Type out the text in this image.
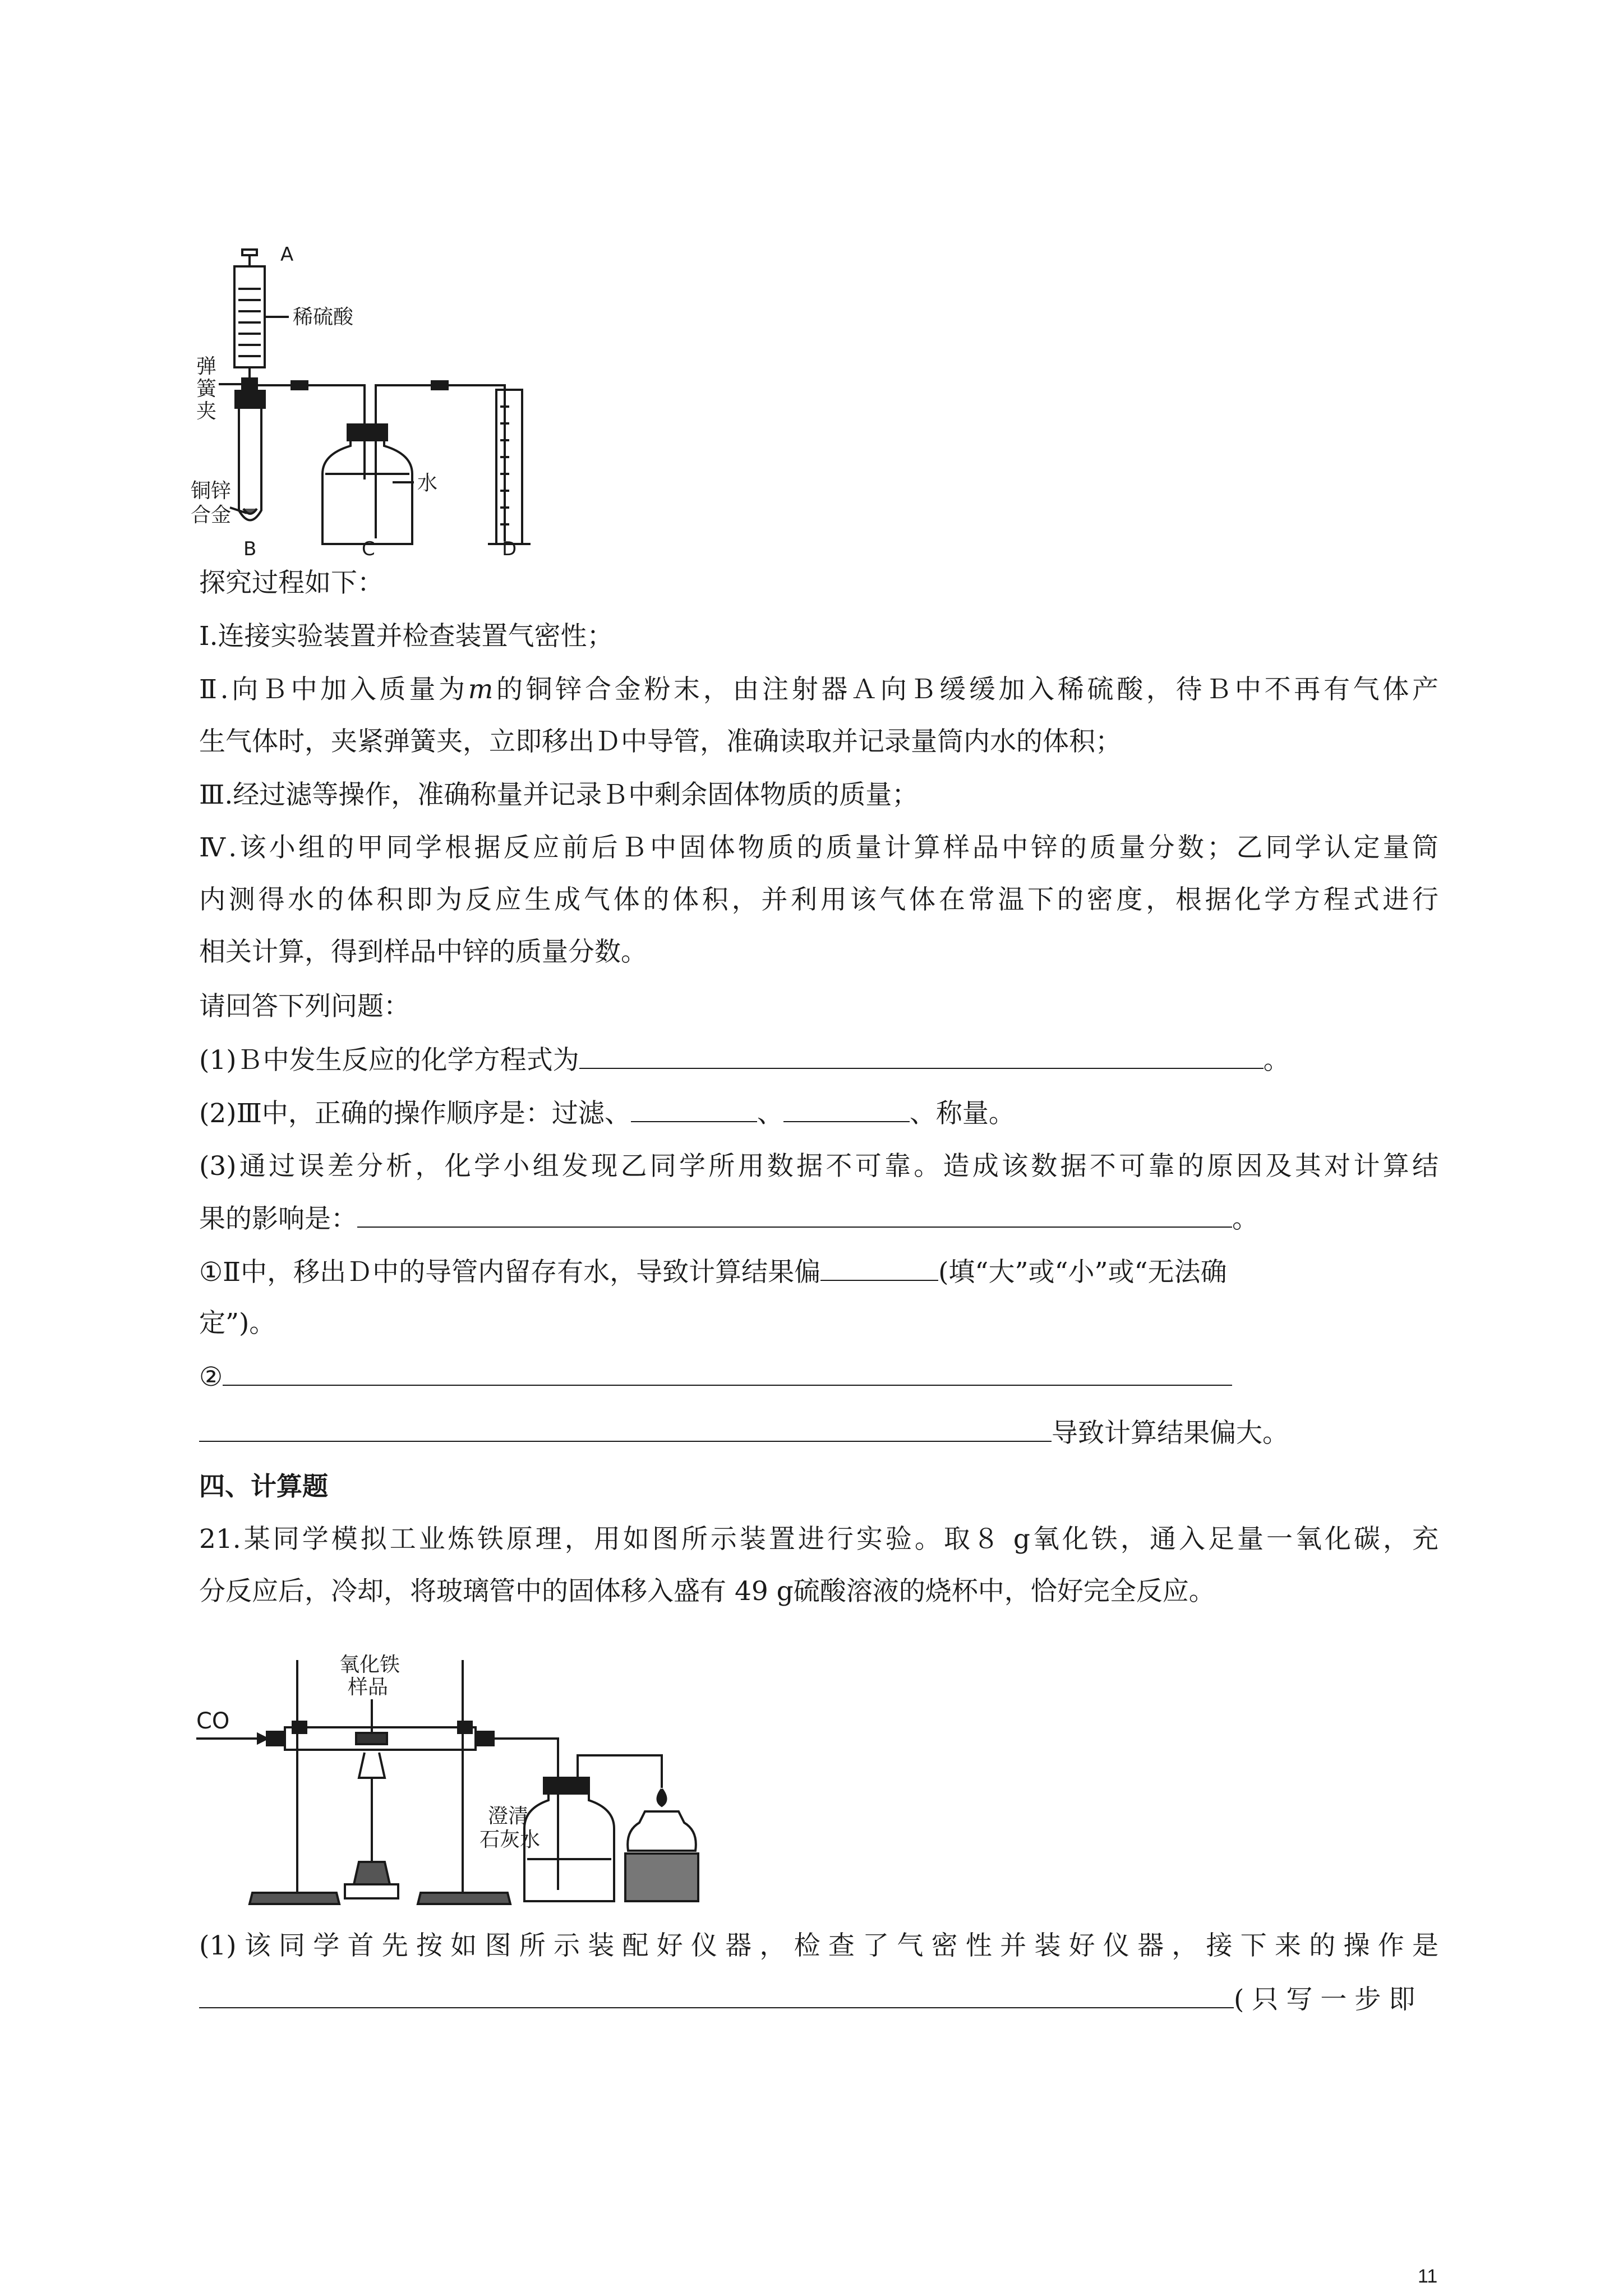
A
稀硫酸
弹
簧
夹
铜锌
合金
B	C
水
D
探究过程如下：
Ⅰ.连接实验装置并检查装置气密性；
Ⅱ.向Ｂ中加入质量为m的铜锌合金粉末，由注射器Ａ向Ｂ缓缓加入稀硫酸，待Ｂ中不再有气体产
生气体时，夹紧弹簧夹，立即移出Ｄ中导管，准确读取并记录量筒内水的体积；
Ⅲ.经过滤等操作，准确称量并记录Ｂ中剩余固体物质的质量；
Ⅳ.该小组的甲同学根据反应前后Ｂ中固体物质的质量计算样品中锌的质量分数；乙同学认定量筒
内测得水的体积即为反应生成气体的体积，并利用该气体在常温下的密度，根据化学方程式进行
相关计算，得到样品中锌的质量分数。
请回答下列问题：
(1)Ｂ中发生反应的化学方程式为	。
(2)Ⅲ中，正确的操作顺序是：过滤、	、	、称量。
(3)通过误差分析，化学小组发现乙同学所用数据不可靠。造成该数据不可靠的原因及其对计算结
果的影响是：	。
①Ⅱ中，移出Ｄ中的导管内留存有水，导致计算结果偏	(填“大”或“小”或“无法确
定”)。
②
导致计算结果偏大。
四、计算题
21.某同学模拟工业炼铁原理，用如图所示装置进行实验。取８ g氧化铁，通入足量一氧化碳，充
分反应后，冷却，将玻璃管中的固体移入盛有 49 g硫酸溶液的烧杯中，恰好完全反应。
CO
氧化铁
样品
澄清
石灰水
(1)该同学首先按如图所示装配好仪器，检查了气密性并装好仪器，接下来的操作是
(只写一步即
11
